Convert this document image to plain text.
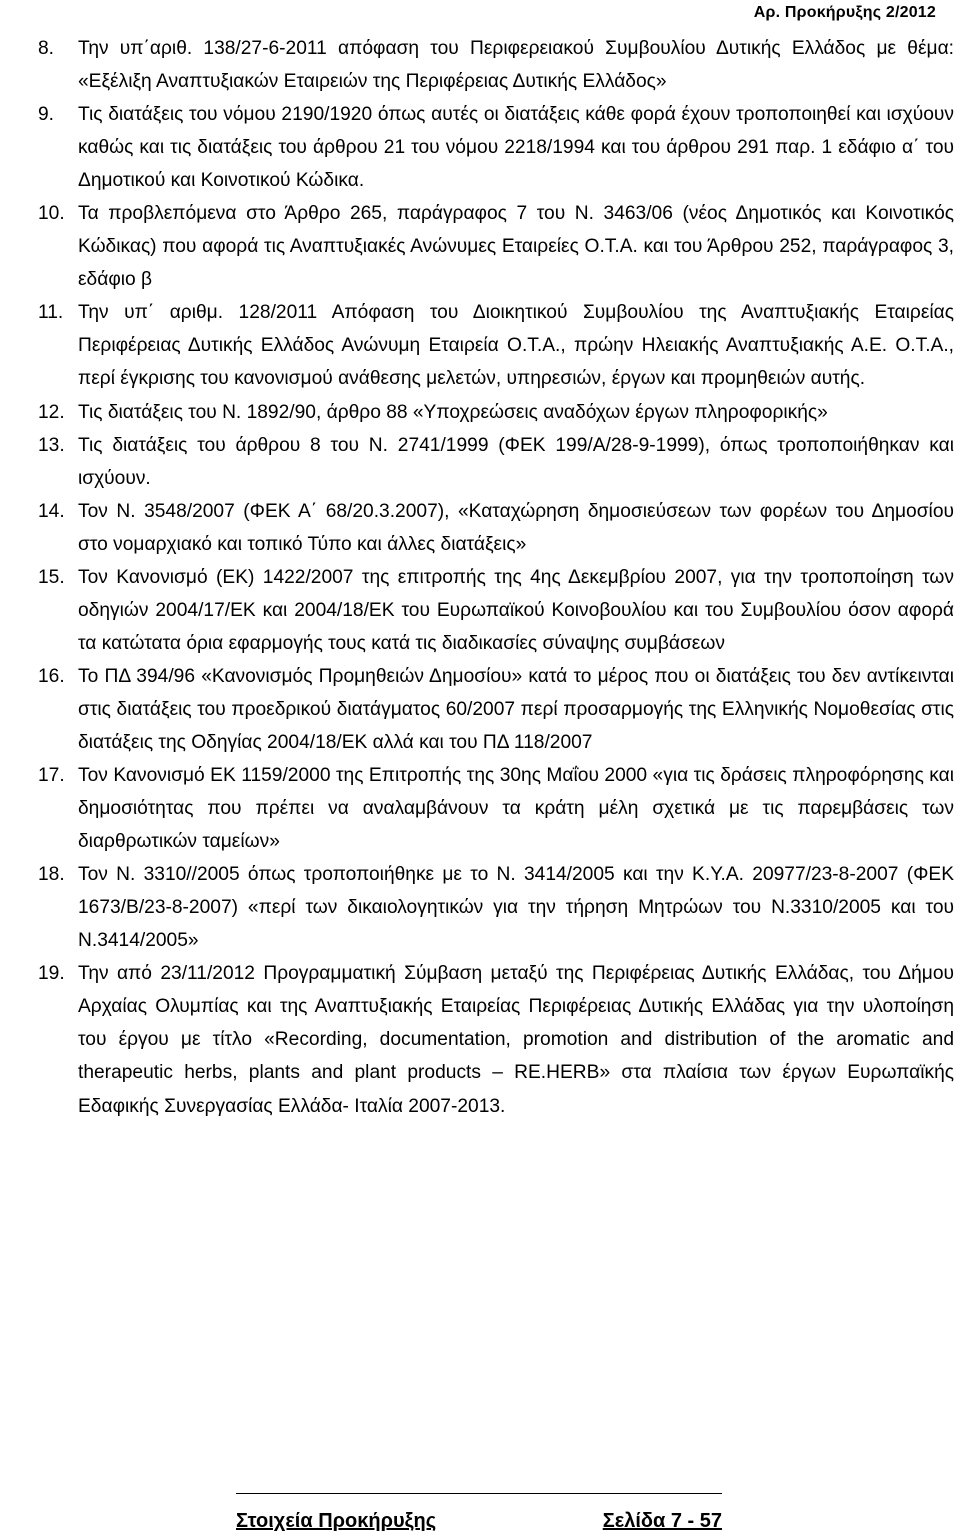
Αρ. Προκήρυξης 2/2012
8. Την υπ΄αριθ. 138/27-6-2011 απόφαση του Περιφερειακού Συμβουλίου Δυτικής Ελλάδος με θέμα: «Εξέλιξη Αναπτυξιακών Εταιρειών της Περιφέρειας Δυτικής Ελλάδος»
9. Τις διατάξεις του νόμου 2190/1920 όπως αυτές οι διατάξεις κάθε φορά έχουν τροποποιηθεί και ισχύουν καθώς και τις διατάξεις του άρθρου 21 του νόμου 2218/1994 και του άρθρου 291 παρ. 1 εδάφιο α΄ του Δημοτικού και Κοινοτικού Κώδικα.
10. Τα προβλεπόμενα στο Άρθρο 265, παράγραφος 7 του Ν. 3463/06 (νέος Δημοτικός και Κοινοτικός Κώδικας) που αφορά τις Αναπτυξιακές Ανώνυμες Εταιρείες Ο.Τ.Α. και του Άρθρου 252, παράγραφος 3, εδάφιο β
11. Την υπ΄ αριθμ. 128/2011 Απόφαση του Διοικητικού Συμβουλίου της Αναπτυξιακής Εταιρείας Περιφέρειας Δυτικής Ελλάδος Ανώνυμη Εταιρεία Ο.Τ.Α., πρώην Ηλειακής Αναπτυξιακής Α.Ε. Ο.Τ.Α., περί έγκρισης του κανονισμού ανάθεσης μελετών, υπηρεσιών, έργων και προμηθειών αυτής.
12. Τις διατάξεις του Ν. 1892/90, άρθρο 88 «Υποχρεώσεις αναδόχων έργων πληροφορικής»
13. Τις διατάξεις του άρθρου 8 του Ν. 2741/1999 (ΦΕΚ 199/Α/28-9-1999), όπως τροποποιήθηκαν και ισχύουν.
14. Τον Ν. 3548/2007 (ΦΕΚ Α΄ 68/20.3.2007), «Καταχώρηση δημοσιεύσεων των φορέων του Δημοσίου στο νομαρχιακό και τοπικό Τύπο και άλλες διατάξεις»
15. Τον Κανονισμό (ΕΚ) 1422/2007 της επιτροπής της 4ης Δεκεμβρίου 2007, για την τροποποίηση των οδηγιών 2004/17/ΕΚ και 2004/18/ΕΚ του Ευρωπαϊκού Κοινοβουλίου και του Συμβουλίου όσον αφορά τα κατώτατα όρια εφαρμογής τους κατά τις διαδικασίες σύναψης συμβάσεων
16. Το ΠΔ 394/96 «Κανονισμός Προμηθειών Δημοσίου» κατά το μέρος που οι διατάξεις του δεν αντίκεινται στις διατάξεις του προεδρικού διατάγματος 60/2007 περί προσαρμογής της Ελληνικής Νομοθεσίας στις διατάξεις της Οδηγίας 2004/18/ΕΚ αλλά και του ΠΔ 118/2007
17. Τον Κανονισμό ΕΚ 1159/2000 της Επιτροπής της 30ης Μαΐου 2000 «για τις δράσεις πληροφόρησης και δημοσιότητας που πρέπει να αναλαμβάνουν τα κράτη μέλη σχετικά με τις παρεμβάσεις των διαρθρωτικών ταμείων»
18. Τον Ν. 3310//2005 όπως τροποποιήθηκε με το Ν. 3414/2005 και την Κ.Υ.Α. 20977/23-8-2007 (ΦΕΚ 1673/Β/23-8-2007) «περί των δικαιολογητικών για την τήρηση Μητρώων του Ν.3310/2005 και του Ν.3414/2005»
19. Την από 23/11/2012 Προγραμματική Σύμβαση μεταξύ της Περιφέρειας Δυτικής Ελλάδας, του Δήμου Αρχαίας Ολυμπίας και της Αναπτυξιακής Εταιρείας Περιφέρειας Δυτικής Ελλάδας για την υλοποίηση του έργου με τίτλο «Recording, documentation, promotion and distribution of the aromatic and therapeutic herbs, plants and plant products – RE.HERB» στα πλαίσια των έργων Ευρωπαϊκής Εδαφικής Συνεργασίας Ελλάδα- Ιταλία 2007-2013.
Στοιχεία Προκήρυξης	Σελίδα 7 - 57
